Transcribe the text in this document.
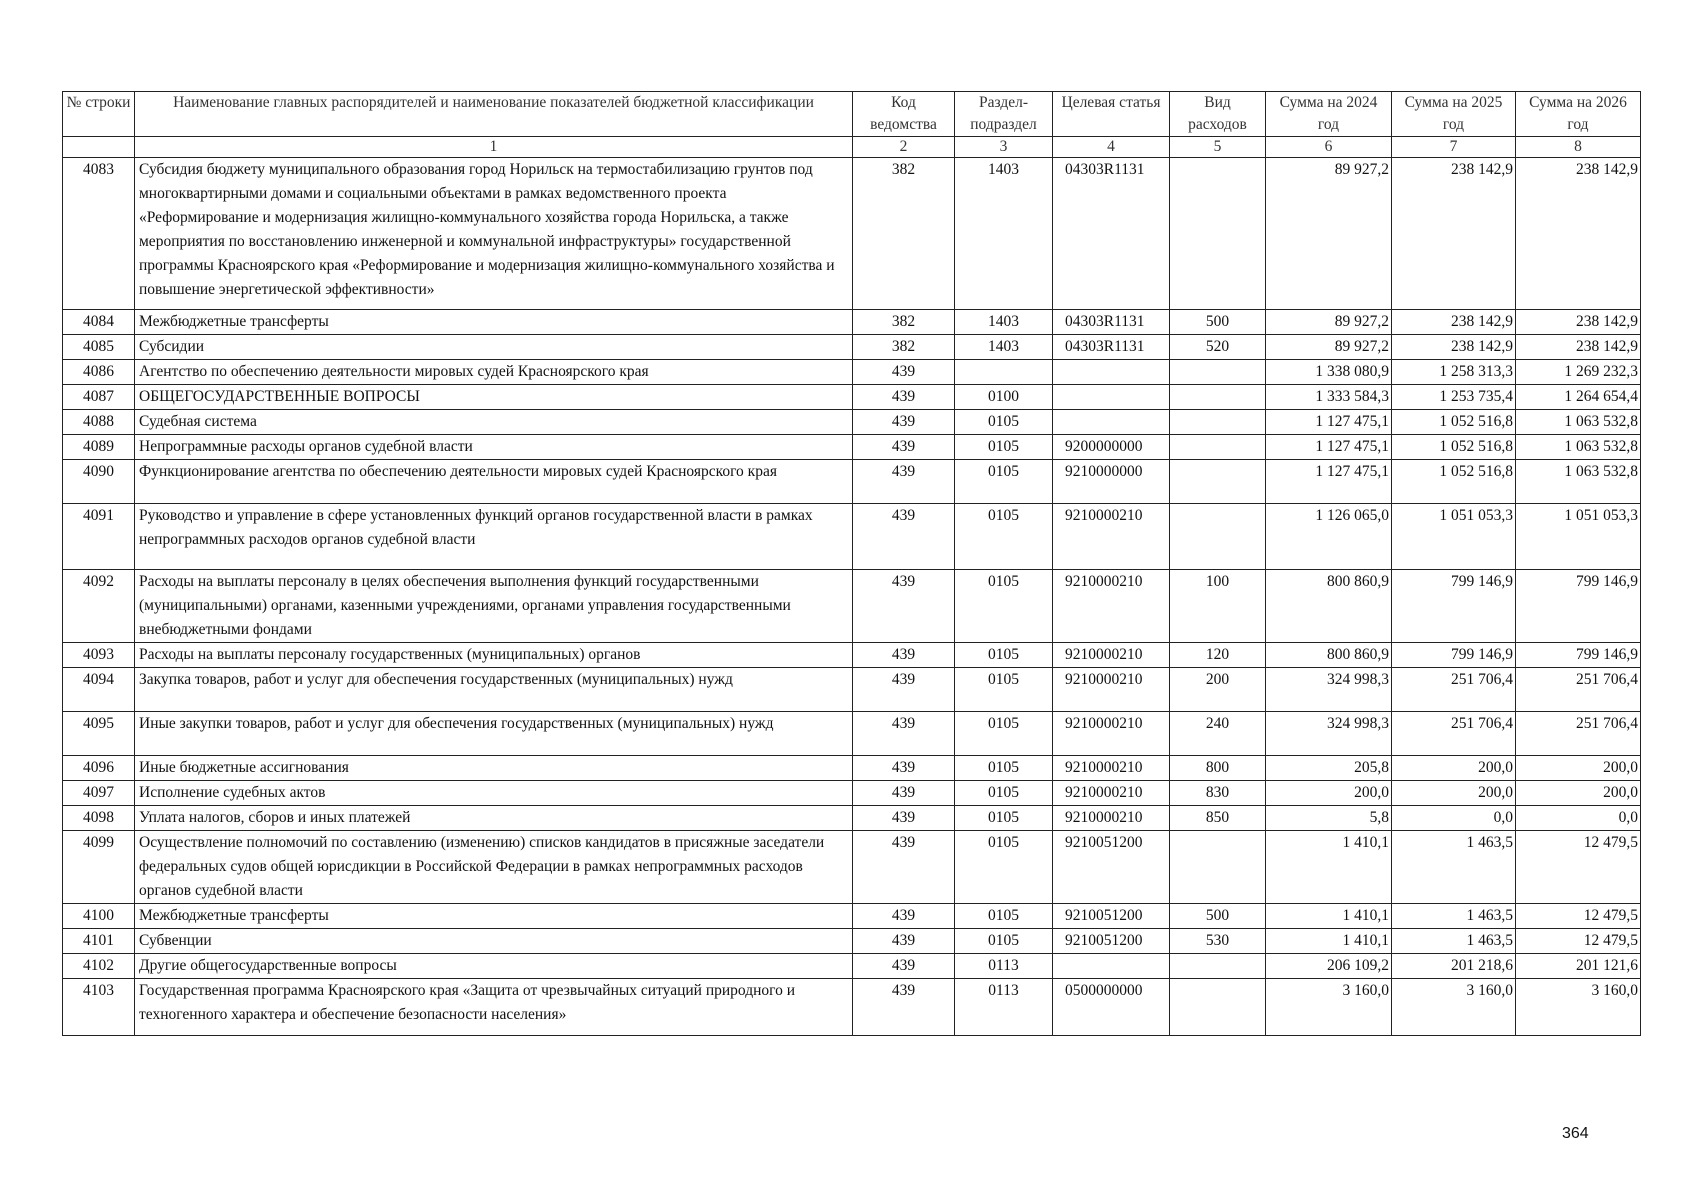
№ строки	Наименование главных распорядителей и наименование показателей бюджетной классификации	Код ведомства	Раздел-подраздел	Целевая статья	Вид расходов	Сумма на 2024 год	Сумма на 2025 год	Сумма на 2026 год
	1	2	3	4	5	6	7	8
4083	Субсидия бюджету муниципального образования город Норильск на термостабилизацию грунтов под многоквартирными домами и социальными объектами в рамках ведомственного проекта «Реформирование и модернизация жилищно-коммунального хозяйства города Норильска, а также мероприятия по восстановлению инженерной и коммунальной инфраструктуры» государственной программы Красноярского края «Реформирование и модернизация жилищно-коммунального хозяйства и повышение энергетической эффективности»	382	1403	04303R1131		89 927,2	238 142,9	238 142,9
4084	Межбюджетные трансферты	382	1403	04303R1131	500	89 927,2	238 142,9	238 142,9
4085	Субсидии	382	1403	04303R1131	520	89 927,2	238 142,9	238 142,9
4086	Агентство по обеспечению деятельности мировых судей Красноярского края	439				1 338 080,9	1 258 313,3	1 269 232,3
4087	ОБЩЕГОСУДАРСТВЕННЫЕ ВОПРОСЫ	439	0100			1 333 584,3	1 253 735,4	1 264 654,4
4088	Судебная система	439	0105			1 127 475,1	1 052 516,8	1 063 532,8
4089	Непрограммные расходы органов судебной власти	439	0105	9200000000		1 127 475,1	1 052 516,8	1 063 532,8
4090	Функционирование агентства по обеспечению деятельности мировых судей Красноярского края	439	0105	9210000000		1 127 475,1	1 052 516,8	1 063 532,8
4091	Руководство и управление в сфере установленных функций органов государственной власти в рамках непрограммных расходов органов судебной власти	439	0105	9210000210		1 126 065,0	1 051 053,3	1 051 053,3
4092	Расходы на выплаты персоналу в целях обеспечения выполнения функций государственными (муниципальными) органами, казенными учреждениями, органами управления государственными внебюджетными фондами	439	0105	9210000210	100	800 860,9	799 146,9	799 146,9
4093	Расходы на выплаты персоналу государственных (муниципальных) органов	439	0105	9210000210	120	800 860,9	799 146,9	799 146,9
4094	Закупка товаров, работ и услуг для обеспечения государственных (муниципальных) нужд	439	0105	9210000210	200	324 998,3	251 706,4	251 706,4
4095	Иные закупки товаров, работ и услуг для обеспечения государственных (муниципальных) нужд	439	0105	9210000210	240	324 998,3	251 706,4	251 706,4
4096	Иные бюджетные ассигнования	439	0105	9210000210	800	205,8	200,0	200,0
4097	Исполнение судебных актов	439	0105	9210000210	830	200,0	200,0	200,0
4098	Уплата налогов, сборов и иных платежей	439	0105	9210000210	850	5,8	0,0	0,0
4099	Осуществление полномочий по составлению (изменению) списков кандидатов в присяжные заседатели федеральных судов общей юрисдикции в Российской Федерации в рамках непрограммных расходов органов судебной власти	439	0105	9210051200		1 410,1	1 463,5	12 479,5
4100	Межбюджетные трансферты	439	0105	9210051200	500	1 410,1	1 463,5	12 479,5
4101	Субвенции	439	0105	9210051200	530	1 410,1	1 463,5	12 479,5
4102	Другие общегосударственные вопросы	439	0113			206 109,2	201 218,6	201 121,6
4103	Государственная программа Красноярского края «Защита от чрезвычайных ситуаций природного и техногенного характера и обеспечение безопасности населения»	439	0113	0500000000		3 160,0	3 160,0	3 160,0
364
